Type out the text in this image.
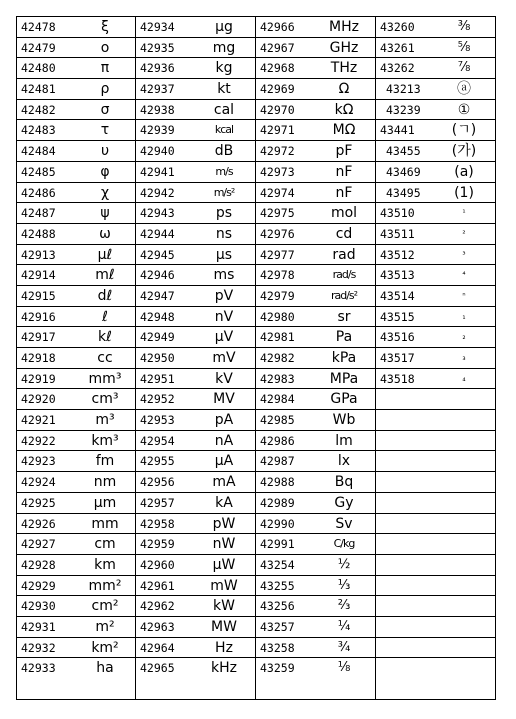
42478	ξ
42479	ο
42480	π
42481	ρ
42482	σ
42483	τ
42484	υ
42485	φ
42486	χ
42487	ψ
42488	ω
42913	μℓ
42914	mℓ
42915	dℓ
42916	ℓ
42917	kℓ
42918	cc
42919	mm³
42920	cm³
42921	m³
42922	km³
42923	fm
42924	nm
42925	μm
42926	mm
42927	cm
42928	km
42929	mm²
42930	cm²
42931	m²
42932	km²
42933	ha
42934	μg
42935	mg
42936	kg
42937	kt
42938	cal
42939	kcal
42940	dB
42941	m/s
42942	m/s²
42943	ps
42944	ns
42945	μs
42946	ms
42947	pV
42948	nV
42949	μV
42950	mV
42951	kV
42952	MV
42953	pA
42954	nA
42955	μA
42956	mA
42957	kA
42958	pW
42959	nW
42960	μW
42961	mW
42962	kW
42963	MW
42964	Hz
42965	kHz
42966	MHz
42967	GHz
42968	THz
42969	Ω
42970	kΩ
42971	MΩ
42972	pF
42973	nF
42974	nF
42975	mol
42976	cd
42977	rad
42978	rad/s
42979	rad/s²
42980	sr
42981	Pa
42982	kPa
42983	MPa
42984	GPa
42985	Wb
42986	lm
42987	lx
42988	Bq
42989	Gy
42990	Sv
42991	C/kg
43254	½
43255	⅓
43256	⅔
43257	¼
43258	¾
43259	⅛
43260	⅜
43261	⅝
43262	⅞
43213	ⓐ
43239	①
43441	(ㄱ)
43455	(가)
43469	(a)
43495	(1)
43510	¹
43511	²
43512	³
43513	⁴
43514	ⁿ
43515	₁
43516	₂
43517	₃
43518	₄
